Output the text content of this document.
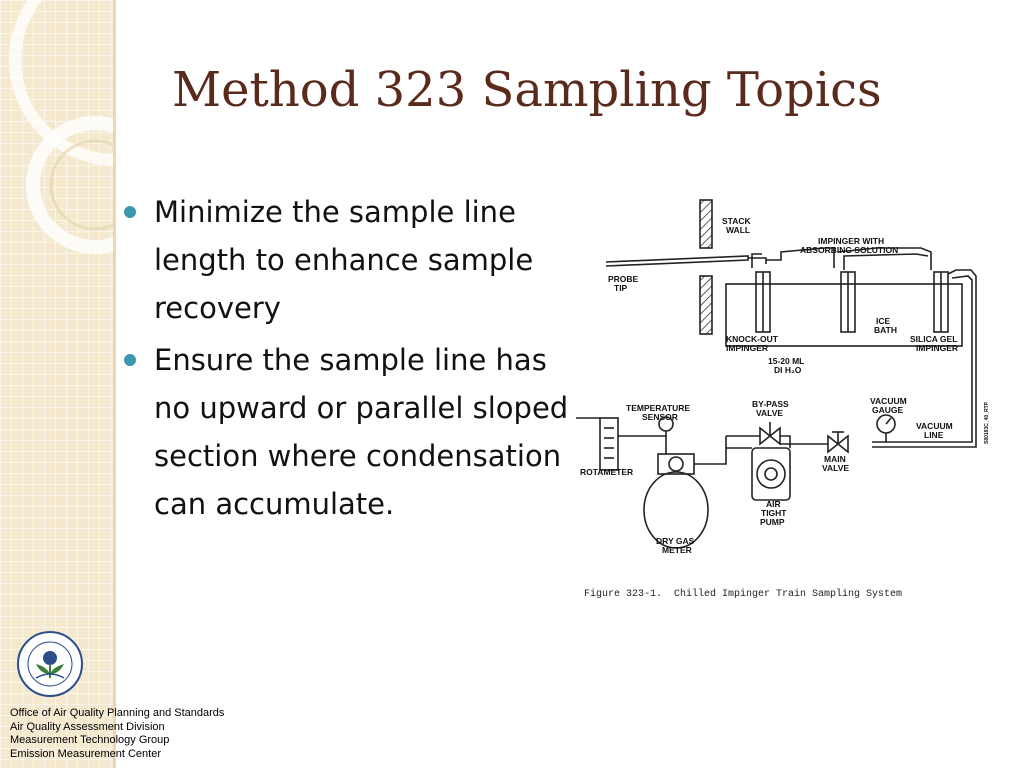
Method 323 Sampling Topics
Minimize the sample line length to enhance sample recovery
Ensure the sample line has no upward or parallel sloped section where condensation can accumulate.
STACK
WALL
IMPINGER WITH
ABSORBING SOLUTION
PROBE
TIP
ICE
BATH
KNOCK-OUT
IMPINGER
SILICA GEL
IMPINGER
15-20 ML
DI H₂O
TEMPERATURE
SENSOR
BY-PASS
VALVE
VACUUM
GAUGE
VACUUM
LINE
MAIN
VALVE
ROTAMETER
AIR
TIGHT
PUMP
DRY GAS
METER
S80183C_40_RTP
Figure 323-1.  Chilled Impinger Train Sampling System
Office of Air Quality Planning and Standards
Air Quality Assessment Division
Measurement Technology Group
Emission Measurement Center
